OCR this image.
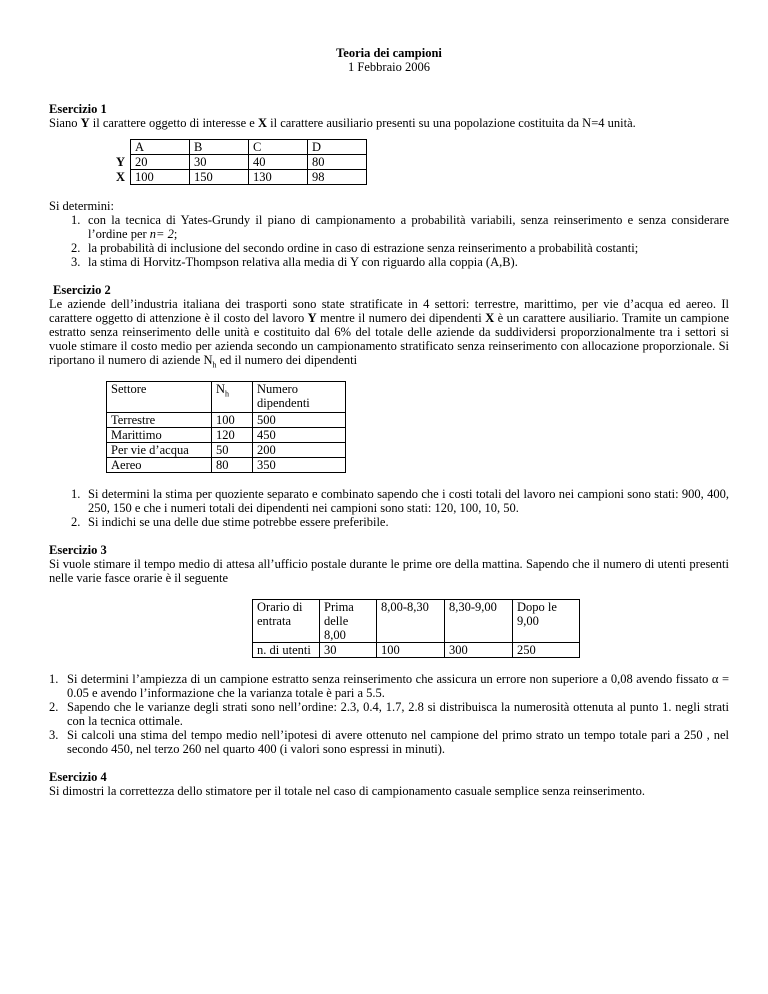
Teoria dei campioni

1 Febbraio 2006

Esercizio 1

Siano Y il carattere oggetto di interesse e X il carattere ausiliario presenti su una popolazione costituita da N=4 unità.

	A	B	C	D
Y	20	30	40	80
X	100	150	130	98

Si determini:

1. con la tecnica di Yates-Grundy il piano di campionamento a probabilità variabili, senza reinserimento e senza considerare l’ordine per n= 2;
2. la probabilità di inclusione del secondo ordine in caso di estrazione senza reinserimento a probabilità costanti;
3. la stima di Horvitz-Thompson relativa alla media di Y con riguardo alla coppia (A,B).

Esercizio 2

Le aziende dell’industria italiana dei trasporti sono state stratificate in 4 settori: terrestre, marittimo, per vie d’acqua ed aereo. Il carattere oggetto di attenzione è il costo del lavoro Y mentre il numero dei dipendenti X è un carattere ausiliario. Tramite un campione estratto senza reinserimento delle unità e costituito dal 6% del totale delle aziende da suddividersi proporzionalmente tra i settori si vuole stimare il costo medio per azienda secondo un campionamento stratificato senza reinserimento con allocazione proporzionale. Si riportano il numero di aziende $N_h$ ed il numero dei dipendenti

Settore	$N_h$	Numero dipendenti
Terrestre	100	500
Marittimo	120	450
Per vie d’acqua	50	200
Aereo	80	350
1. Si determini la stima per quoziente separato e combinato sapendo che i costi totali del lavoro nei campioni sono stati: 900, 400, 250, 150 e che i numeri totali dei dipendenti nei campioni sono stati: 120, 100, 10, 50.
2. Si indichi se una delle due stime potrebbe essere preferibile.

Esercizio 3

Si vuole stimare il tempo medio di attesa all’ufficio postale durante le prime ore della mattina. Sapendo che il numero di utenti presenti nelle varie fasce orarie è il seguente

Orario di entrata	Prima delle 8,00	8,00-8,30	8,30-9,00	Dopo le 9,00
n. di utenti	30	100	300	250
1. Si determini l’ampiezza di un campione estratto senza reinserimento che assicura un errore non superiore a 0,08 avendo fissato α = 0.05 e avendo l’informazione che la varianza totale è pari a 5.5.
2. Sapendo che le varianze degli strati sono nell’ordine: 2.3, 0.4, 1.7, 2.8 si distribuisca la numerosità ottenuta al punto 1. negli strati con la tecnica ottimale.
3. Si calcoli una stima del tempo medio nell’ipotesi di avere ottenuto nel campione del primo strato un tempo totale pari a 250 , nel secondo 450, nel terzo 260 nel quarto 400 (i valori sono espressi in minuti).

Esercizio 4

Si dimostri la correttezza dello stimatore per il totale nel caso di campionamento casuale semplice senza reinserimento.
